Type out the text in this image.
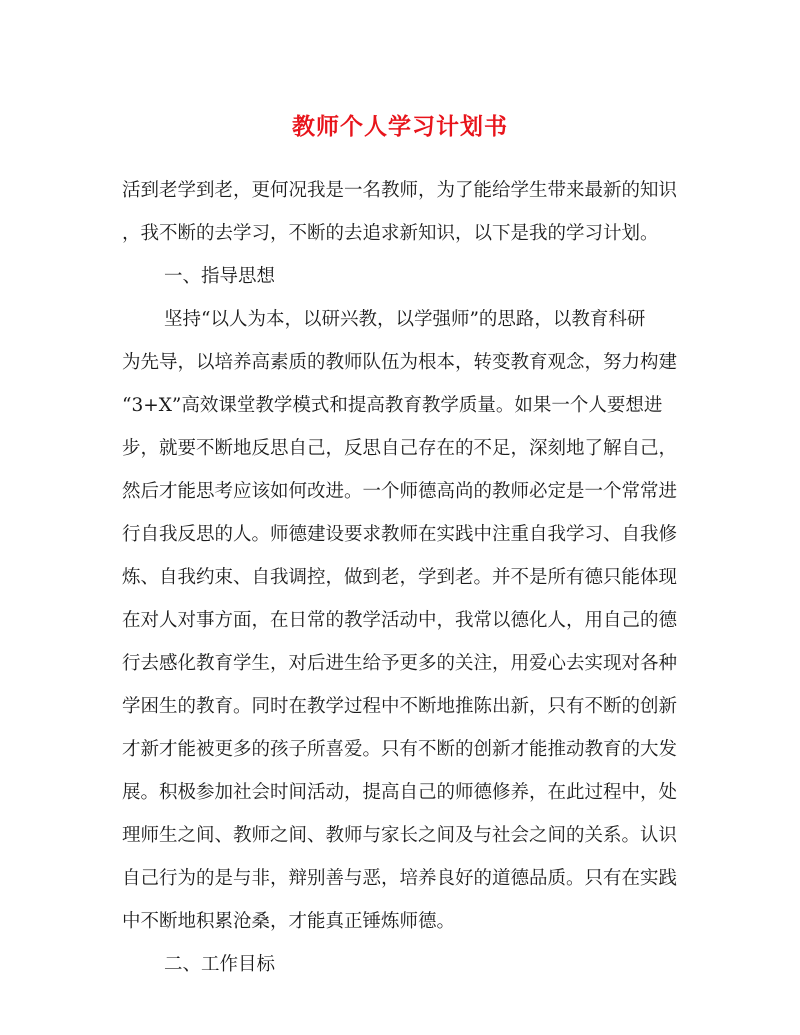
教师个人学习计划书
活到老学到老，更何况我是一名教师，为了能给学生带来最新的知识
，我不断的去学习，不断的去追求新知识，以下是我的学习计划。
一、指导思想
坚持“以人为本，以研兴教，以学强师”的思路，以教育科研
为先导，以培养高素质的教师队伍为根本，转变教育观念，努力构建
“3+X”高效课堂教学模式和提高教育教学质量。如果一个人要想进
步，就要不断地反思自己，反思自己存在的不足，深刻地了解自己，
然后才能思考应该如何改进。一个师德高尚的教师必定是一个常常进
行自我反思的人。师德建设要求教师在实践中注重自我学习、自我修
炼、自我约束、自我调控，做到老，学到老。并不是所有德只能体现
在对人对事方面，在日常的教学活动中，我常以德化人，用自己的德
行去感化教育学生，对后进生给予更多的关注，用爱心去实现对各种
学困生的教育。同时在教学过程中不断地推陈出新，只有不断的创新
才新才能被更多的孩子所喜爱。只有不断的创新才能推动教育的大发
展。积极参加社会时间活动，提高自己的师德修养，在此过程中，处
理师生之间、教师之间、教师与家长之间及与社会之间的关系。认识
自己行为的是与非，辩别善与恶，培养良好的道德品质。只有在实践
中不断地积累沧桑，才能真正锤炼师德。
二、工作目标
